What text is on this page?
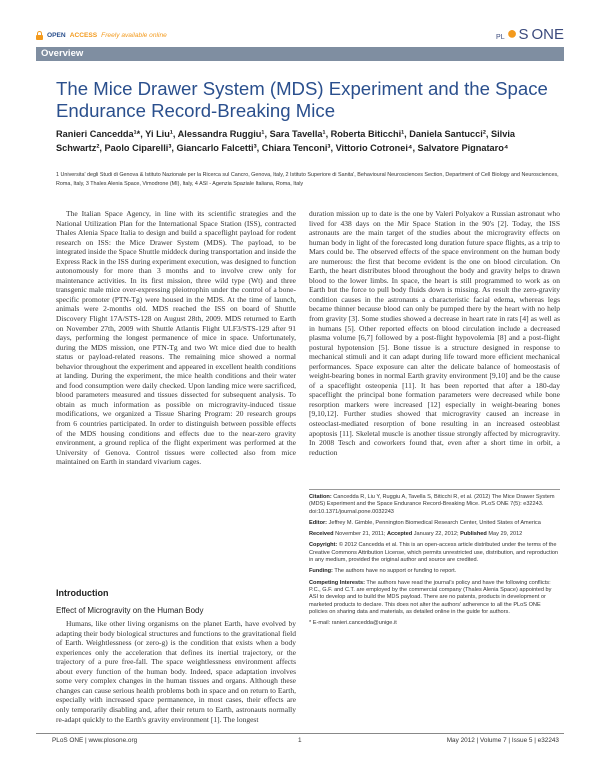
OPEN ACCESS Freely available online	PL ● S ONE
Overview
The Mice Drawer System (MDS) Experiment and the Space Endurance Record-Breaking Mice
Ranieri Cancedda¹*, Yi Liu¹, Alessandra Ruggiu¹, Sara Tavella¹, Roberta Biticchi¹, Daniela Santucci², Silvia Schwartz², Paolo Ciparelli³, Giancarlo Falcetti³, Chiara Tenconi³, Vittorio Cotronei⁴, Salvatore Pignataro⁴
1 Universita' degli Studi di Genova & Istituto Nazionale per la Ricerca sul Cancro, Genova, Italy, 2 Istituto Superiore di Sanita', Behavioural Neurosciences Section, Department of Cell Biology and Neurosciences, Roma, Italy, 3 Thales Alenia Space, Vimodrone (MI), Italy, 4 ASI - Agenzia Spaziale Italiana, Roma, Italy

The Italian Space Agency, in line with its scientific strategies and the National Utilization Plan for the International Space Station (ISS), contracted Thales Alenia Space Italia to design and build a spaceflight payload for rodent research on ISS: the Mice Drawer System (MDS). The payload, to be integrated inside the Space Shuttle middeck during transportation and inside the Express Rack in the ISS during experiment execution, was designed to function autonomously for more than 3 months and to involve crew only for maintenance activities. In its first mission, three wild type (Wt) and three transgenic male mice over-expressing pleiotrophin under the control of a bone-specific promoter (PTN-Tg) were housed in the MDS. At the time of launch, animals were 2-months old. MDS reached the ISS on board of Shuttle Discovery Flight 17A/STS-128 on August 28th, 2009. MDS returned to Earth on November 27th, 2009 with Shuttle Atlantis Flight ULF3/STS-129 after 91 days, performing the longest permanence of mice in space. Unfortunately, during the MDS mission, one PTN-Tg and two Wt mice died due to health status or payload-related reasons. The remaining mice showed a normal behavior throughout the experiment and appeared in excellent health conditions at landing. During the experiment, the mice health conditions and their water and food consumption were daily checked. Upon landing mice were sacrificed, blood parameters measured and tissues dissected for subsequent analysis. To obtain as much information as possible on microgravity-induced tissue modifications, we organized a Tissue Sharing Program: 20 research groups from 6 countries participated. In order to distinguish between possible effects of the MDS housing conditions and effects due to the near-zero gravity environment, a ground replica of the flight experiment was performed at the University of Genova. Control tissues were collected also from mice maintained on Earth in standard vivarium cages.

Introduction
Effect of Microgravity on the Human Body

Humans, like other living organisms on the planet Earth, have evolved by adapting their body biological structures and functions to the gravitational field of Earth. Weightlessness (or zero-g) is the condition that exists when a body experiences only the acceleration that defines its inertial trajectory, or the trajectory of a pure free-fall. The space weightlessness environment affects about every function of the human body. Indeed, space adaptation involves some very complex changes in the human tissues and organs. Although these changes can cause serious health problems both in space and on return to Earth, especially with increased space permanence, in most cases, their effects are only temporarily disabling and, after their return to Earth, astronauts normally re-adapt quickly to the Earth's gravity environment [1]. The longest

duration mission up to date is the one by Valeri Polyakov a Russian astronaut who lived for 438 days on the Mir Space Station in the 90's [2]. Today, the ISS astronauts are the main target of the studies about the microgravity effects on human body in light of the forecasted long duration future space flights, as a trip to Mars could be. The observed effects of the space environment on the human body are numerous: the first that become evident is the one on blood circulation. On Earth, the heart distributes blood throughout the body and gravity helps to drawn blood to the lower limbs. In space, the heart is still programmed to work as on Earth but the force to pull body fluids down is missing. As result the zero-gravity condition causes in the astronauts a characteristic facial edema, whereas legs became thinner because blood can only be pumped there by the heart with no help from gravity [3]. Some studies showed a decrease in heart rate in rats [4] as well as in humans [5]. Other reported effects on blood circulation include a decreased plasma volume [6,7] followed by a post-flight hypovolemia [8] and a post-flight postural hypotension [5]. Bone tissue is a structure designed in response to mechanical stimuli and it can adapt during life toward more efficient mechanical performances. Space exposure can alter the delicate balance of homeostasis of weight-bearing bones in normal Earth gravity environment [9,10] and be the cause of a spaceflight osteopenia [11]. It has been reported that after a 180-day spaceflight the principal bone formation parameters were decreased while bone resorption markers were increased [12] especially in weight-bearing bones [9,10,12]. Further studies showed that microgravity caused an increase in osteoclast-mediated resorption of bone resulting in an increased osteoblast apoptosis [11]. Skeletal muscle is another tissue strongly affected by microgravity. In 2008 Tesch and coworkers found that, even after a short time in orbit, a reduction

Citation: Cancedda R, Liu Y, Ruggiu A, Tavella S, Biticchi R, et al. (2012) The Mice Drawer System (MDS) Experiment and the Space Endurance Record-Breaking Mice. PLoS ONE 7(5): e32243. doi:10.1371/journal.pone.0032243

Editor: Jeffrey M. Gimble, Pennington Biomedical Research Center, United States of America

Received November 21, 2011; Accepted January 22, 2012; Published May 29, 2012

Copyright: © 2012 Cancedda et al. This is an open-access article distributed under the terms of the Creative Commons Attribution License, which permits unrestricted use, distribution, and reproduction in any medium, provided the original author and source are credited.

Funding: The authors have no support or funding to report.

Competing Interests: The authors have read the journal's policy and have the following conflicts: P.C., G.F. and C.T. are employed by the commercial company (Thales Alenia Space) appointed by ASI to develop and to build the MDS payload. There are no patents, products in development or marketed products to declare. This does not alter the authors' adherence to all the PLoS ONE policies on sharing data and materials, as detailed online in the guide for authors.

* E-mail: ranieri.cancedda@unige.it

PLoS ONE | www.plosone.org	1	May 2012 | Volume 7 | Issue 5 | e32243
